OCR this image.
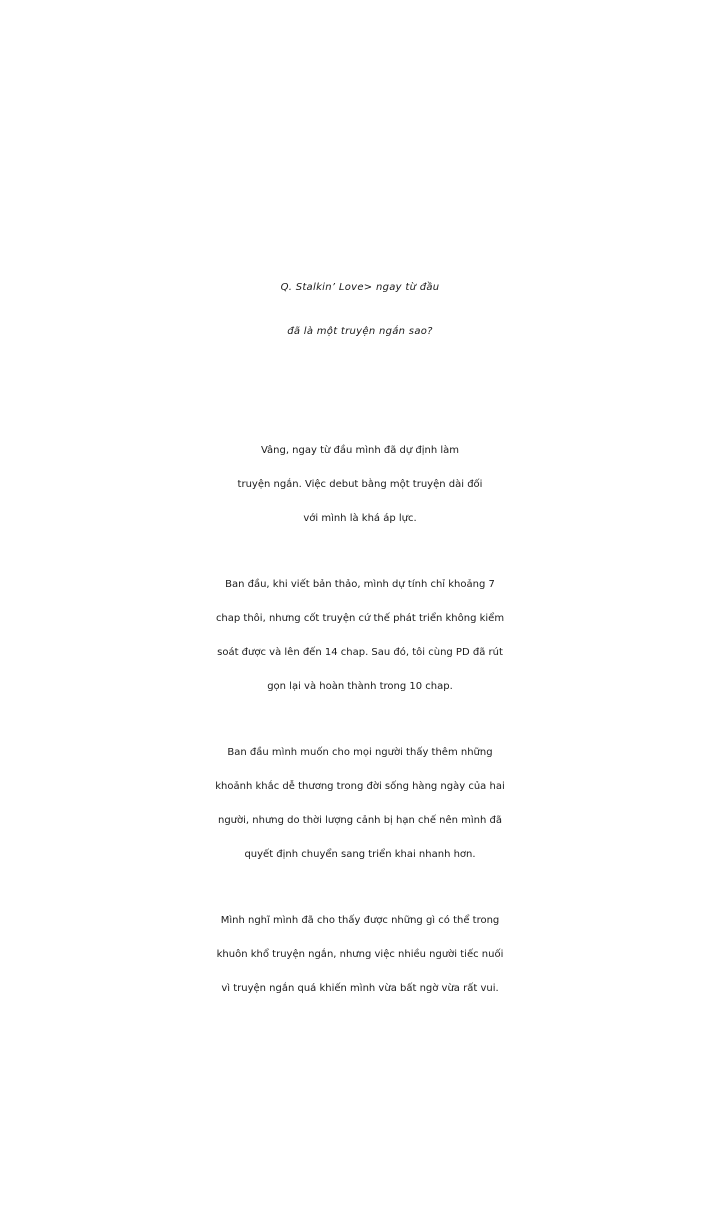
Q. Stalkin’ Love> ngay từ đầu
đã là một truyện ngắn sao?
Vâng, ngay từ đầu mình đã dự định làm
truyện ngắn. Việc debut bằng một truyện dài đối
với mình là khá áp lực.
Ban đầu, khi viết bản thảo, mình dự tính chỉ khoảng 7
chap thôi, nhưng cốt truyện cứ thế phát triển không kiểm
soát được và lên đến 14 chap. Sau đó, tôi cùng PD đã rút
gọn lại và hoàn thành trong 10 chap.
Ban đầu mình muốn cho mọi người thấy thêm những
khoảnh khắc dễ thương trong đời sống hàng ngày của hai
người, nhưng do thời lượng cảnh bị hạn chế nên mình đã
quyết định chuyển sang triển khai nhanh hơn.
Mình nghĩ mình đã cho thấy được những gì có thể trong
khuôn khổ truyện ngắn, nhưng việc nhiều người tiếc nuối
vì truyện ngắn quá khiến mình vừa bất ngờ vừa rất vui.
